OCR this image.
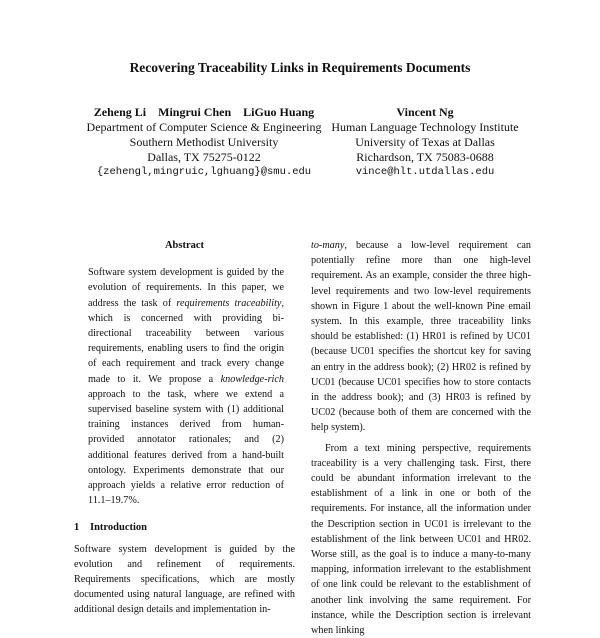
Recovering Traceability Links in Requirements Documents
Zeheng Li    Mingrui Chen    LiGuo Huang
Department of Computer Science & Engineering
Southern Methodist University
Dallas, TX 75275-0122
{zehengl,mingruic,lghuang}@smu.edu
Vincent Ng
Human Language Technology Institute
University of Texas at Dallas
Richardson, TX 75083-0688
vince@hlt.utdallas.edu
Abstract

Software system development is guided by the evolution of requirements. In this paper, we address the task of requirements traceability, which is concerned with providing bi-directional traceability between various requirements, enabling users to find the origin of each requirement and track every change made to it. We propose a knowledge-rich approach to the task, where we extend a supervised baseline system with (1) additional training instances derived from human-provided annotator rationales; and (2) additional features derived from a hand-built ontology. Experiments demonstrate that our approach yields a relative error reduction of 11.1–19.7%.

1 Introduction

Software system development is guided by the evolution and refinement of requirements. Requirements specifications, which are mostly documented using natural language, are refined with additional design details and implementation in-

to-many, because a low-level requirement can potentially refine more than one high-level requirement. As an example, consider the three high-level requirements and two low-level requirements shown in Figure 1 about the well-known Pine email system. In this example, three traceability links should be established: (1) HR01 is refined by UC01 (because UC01 specifies the shortcut key for saving an entry in the address book); (2) HR02 is refined by UC01 (because UC01 specifies how to store contacts in the address book); and (3) HR03 is refined by UC02 (because both of them are concerned with the help system).

From a text mining perspective, requirements traceability is a very challenging task. First, there could be abundant information irrelevant to the establishment of a link in one or both of the requirements. For instance, all the information under the Description section in UC01 is irrelevant to the establishment of the link between UC01 and HR02. Worse still, as the goal is to induce a many-to-many mapping, information irrelevant to the establishment of one link could be relevant to the establishment of another link involving the same requirement. For instance, while the Description section is irrelevant when linking
